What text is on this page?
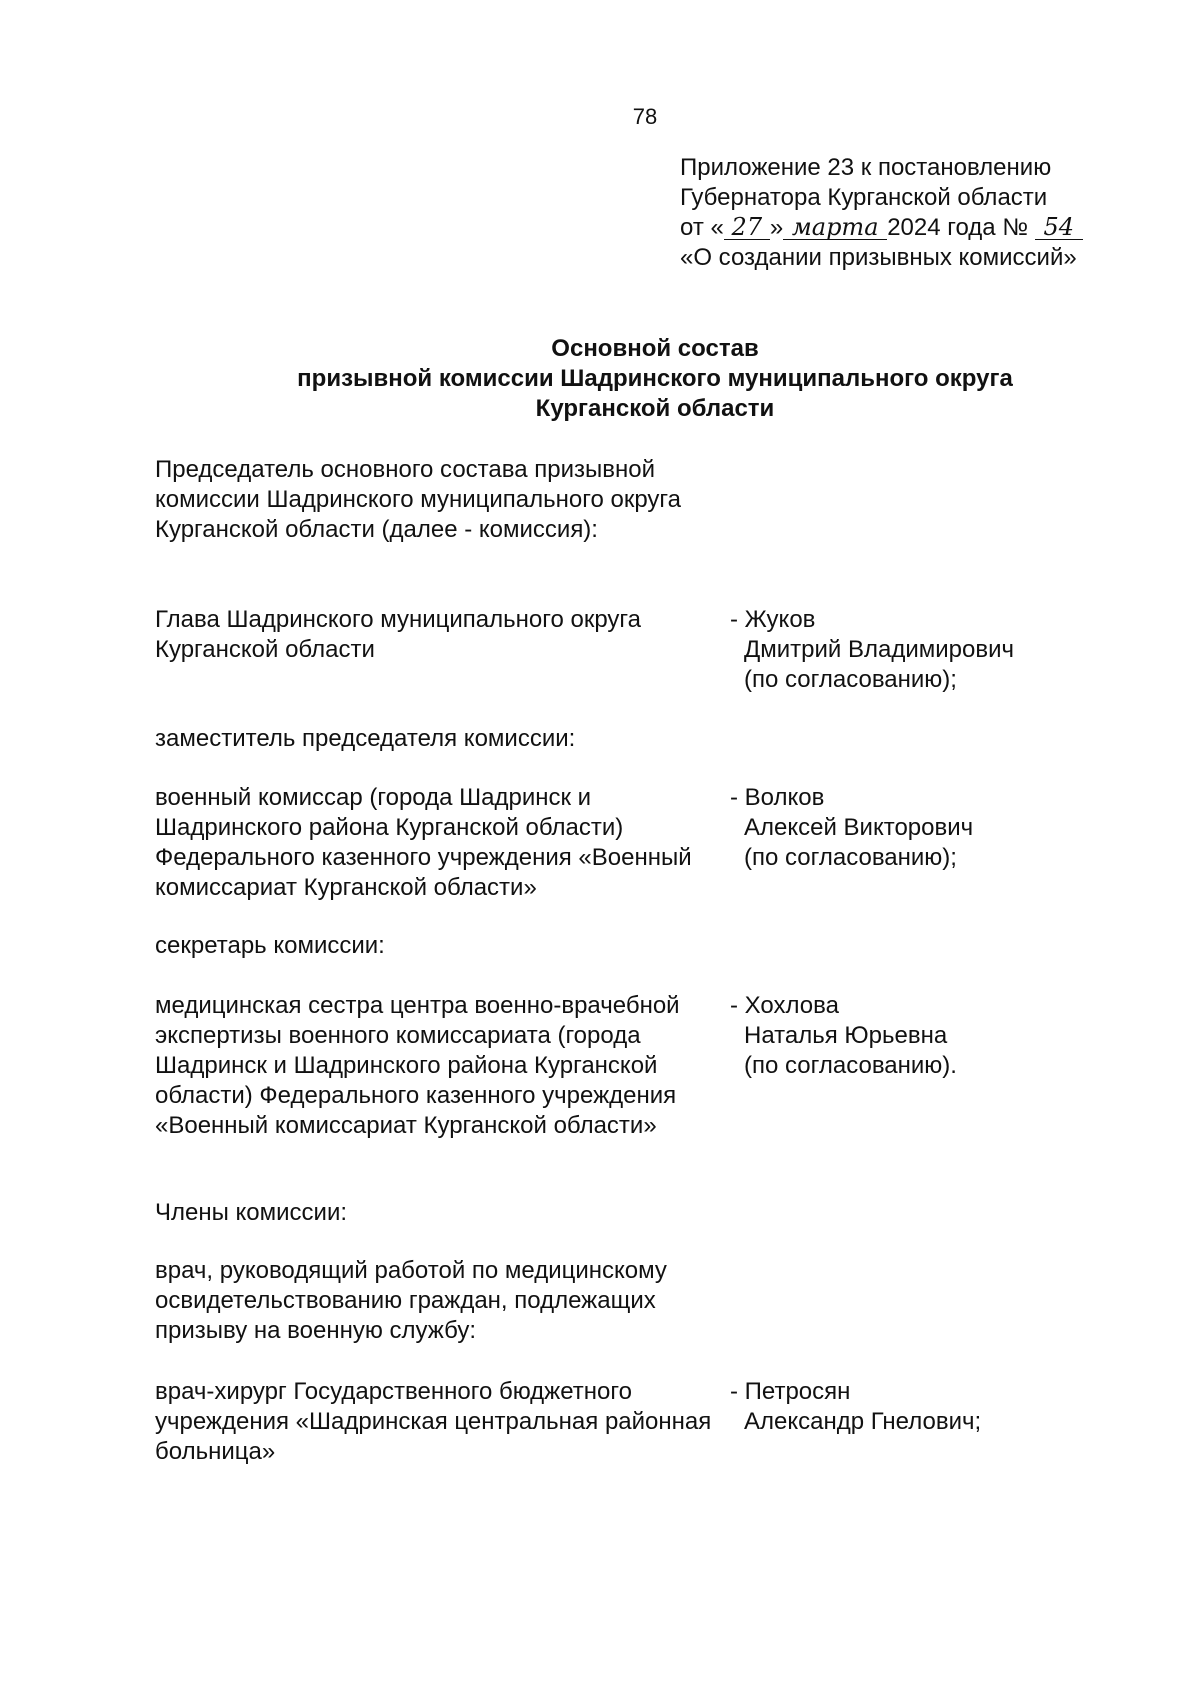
78
Приложение 23 к постановлению
Губернатора Курганской области
от « 27 » марта 2024 года № 54
«О создании призывных комиссий»
Основной состав
призывной комиссии Шадринского муниципального округа
Курганской области
Председатель основного состава призывной комиссии Шадринского муниципального округа Курганской области (далее - комиссия):
Глава Шадринского муниципального округа Курганской области
- Жуков
Дмитрий Владимирович
(по согласованию);
заместитель председателя комиссии:
военный комиссар (города Шадринск и Шадринского района Курганской области) Федерального казенного учреждения «Военный комиссариат Курганской области»
- Волков
Алексей Викторович
(по согласованию);
секретарь комиссии:
медицинская сестра центра военно-врачебной экспертизы военного комиссариата (города Шадринск и Шадринского района Курганской области) Федерального казенного учреждения «Военный комиссариат Курганской области»
- Хохлова
Наталья Юрьевна
(по согласованию).
Члены комиссии:
врач, руководящий работой по медицинскому освидетельствованию граждан, подлежащих призыву на военную службу:
врач-хирург Государственного бюджетного учреждения «Шадринская центральная районная больница»
- Петросян
Александр Гнелович;
